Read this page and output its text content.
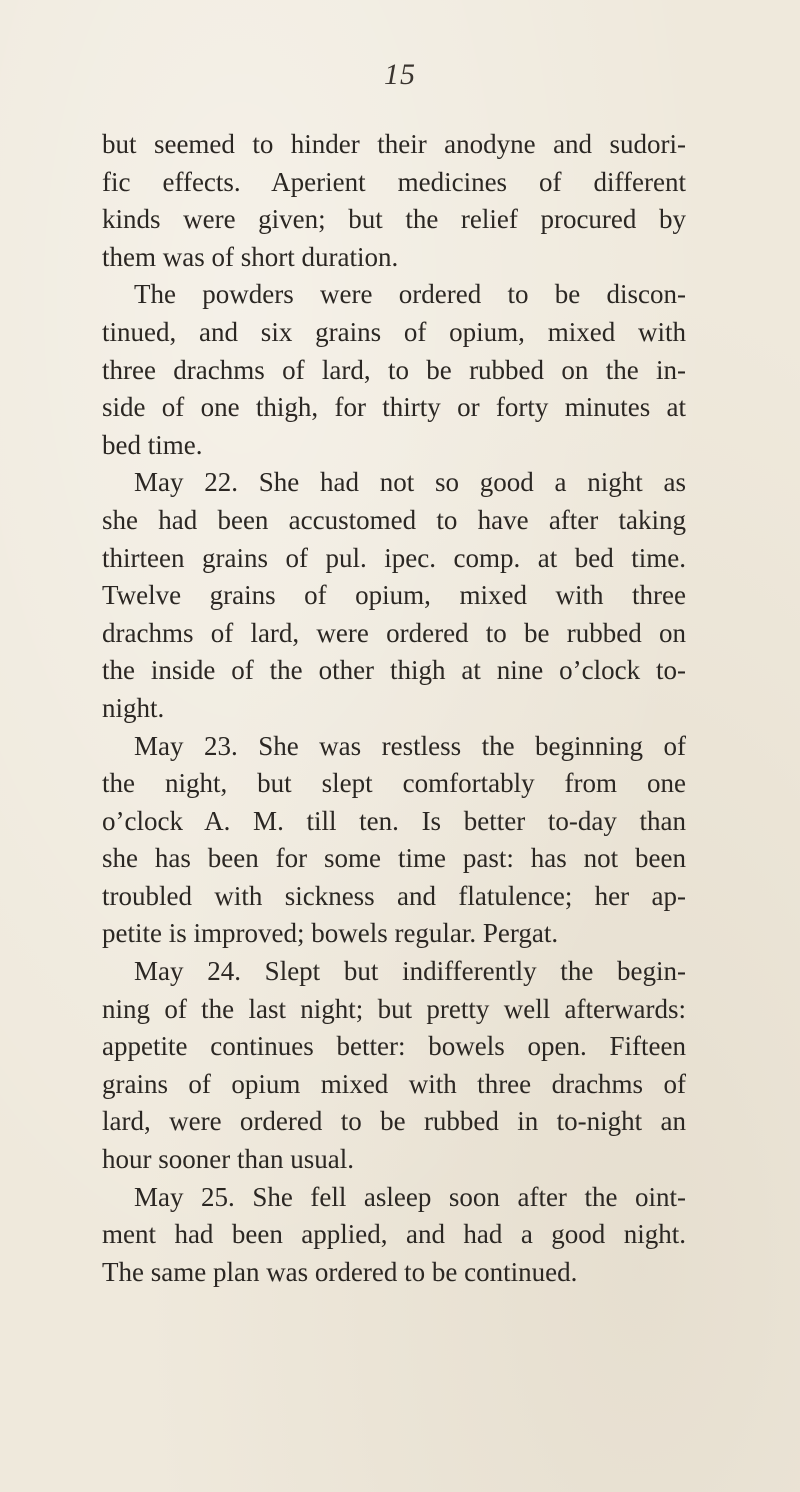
15
but seemed to hinder their anodyne and sudori-
fic effects. Aperient medicines of different
kinds were given; but the relief procured by
them was of short duration.
The powders were ordered to be discon-
tinued, and six grains of opium, mixed with
three drachms of lard, to be rubbed on the in-
side of one thigh, for thirty or forty minutes at
bed time.
May 22. She had not so good a night as
she had been accustomed to have after taking
thirteen grains of pul. ipec. comp. at bed time.
Twelve grains of opium, mixed with three
drachms of lard, were ordered to be rubbed on
the inside of the other thigh at nine o’clock to-
night.
May 23. She was restless the beginning of
the night, but slept comfortably from one
o’clock A. M. till ten. Is better to-day than
she has been for some time past: has not been
troubled with sickness and flatulence; her ap-
petite is improved; bowels regular. Pergat.
May 24. Slept but indifferently the begin-
ning of the last night; but pretty well afterwards:
appetite continues better: bowels open. Fifteen
grains of opium mixed with three drachms of
lard, were ordered to be rubbed in to-night an
hour sooner than usual.
May 25. She fell asleep soon after the oint-
ment had been applied, and had a good night.
The same plan was ordered to be continued.
